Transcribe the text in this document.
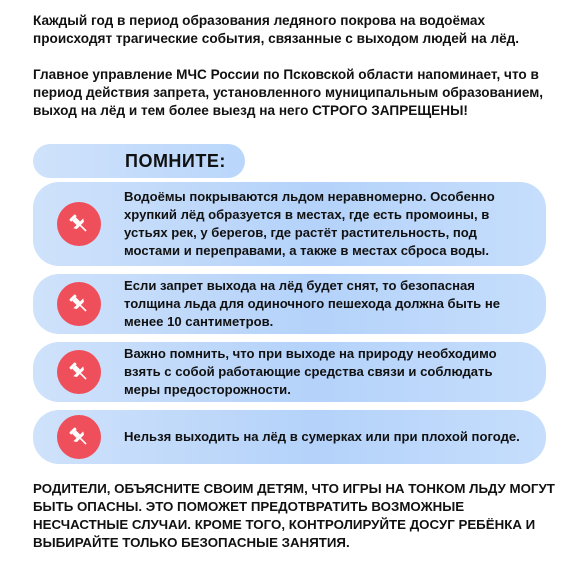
Каждый год в период образования ледяного покрова на водоёмах происходят трагические события, связанные с выходом людей на лёд.

Главное управление МЧС России по Псковской области напоминает, что в период действия запрета, установленного муниципальным образованием, выход на лёд и тем более выезд на него СТРОГО ЗАПРЕЩЕНЫ!

ПОМНИТЕ:
Водоёмы покрываются льдом неравномерно. Особенно хрупкий лёд образуется в местах, где есть промоины, в устьях рек, у берегов, где растёт растительность, под мостами и переправами, а также в местах сброса воды.
Если запрет выхода на лёд будет снят, то безопасная толщина льда для одиночного пешехода должна быть не менее 10 сантиметров.
Важно помнить, что при выходе на природу необходимо взять с собой работающие средства связи и соблюдать меры предосторожности.
Нельзя выходить на лёд в сумерках или при плохой погоде.
РОДИТЕЛИ, ОБЪЯСНИТЕ СВОИМ ДЕТЯМ, ЧТО ИГРЫ НА ТОНКОМ ЛЬДУ МОГУТ БЫТЬ ОПАСНЫ. ЭТО ПОМОЖЕТ ПРЕДОТВРАТИТЬ ВОЗМОЖНЫЕ НЕСЧАСТНЫЕ СЛУЧАИ. КРОМЕ ТОГО, КОНТРОЛИРУЙТЕ ДОСУГ РЕБЁНКА И ВЫБИРАЙТЕ ТОЛЬКО БЕЗОПАСНЫЕ ЗАНЯТИЯ.
